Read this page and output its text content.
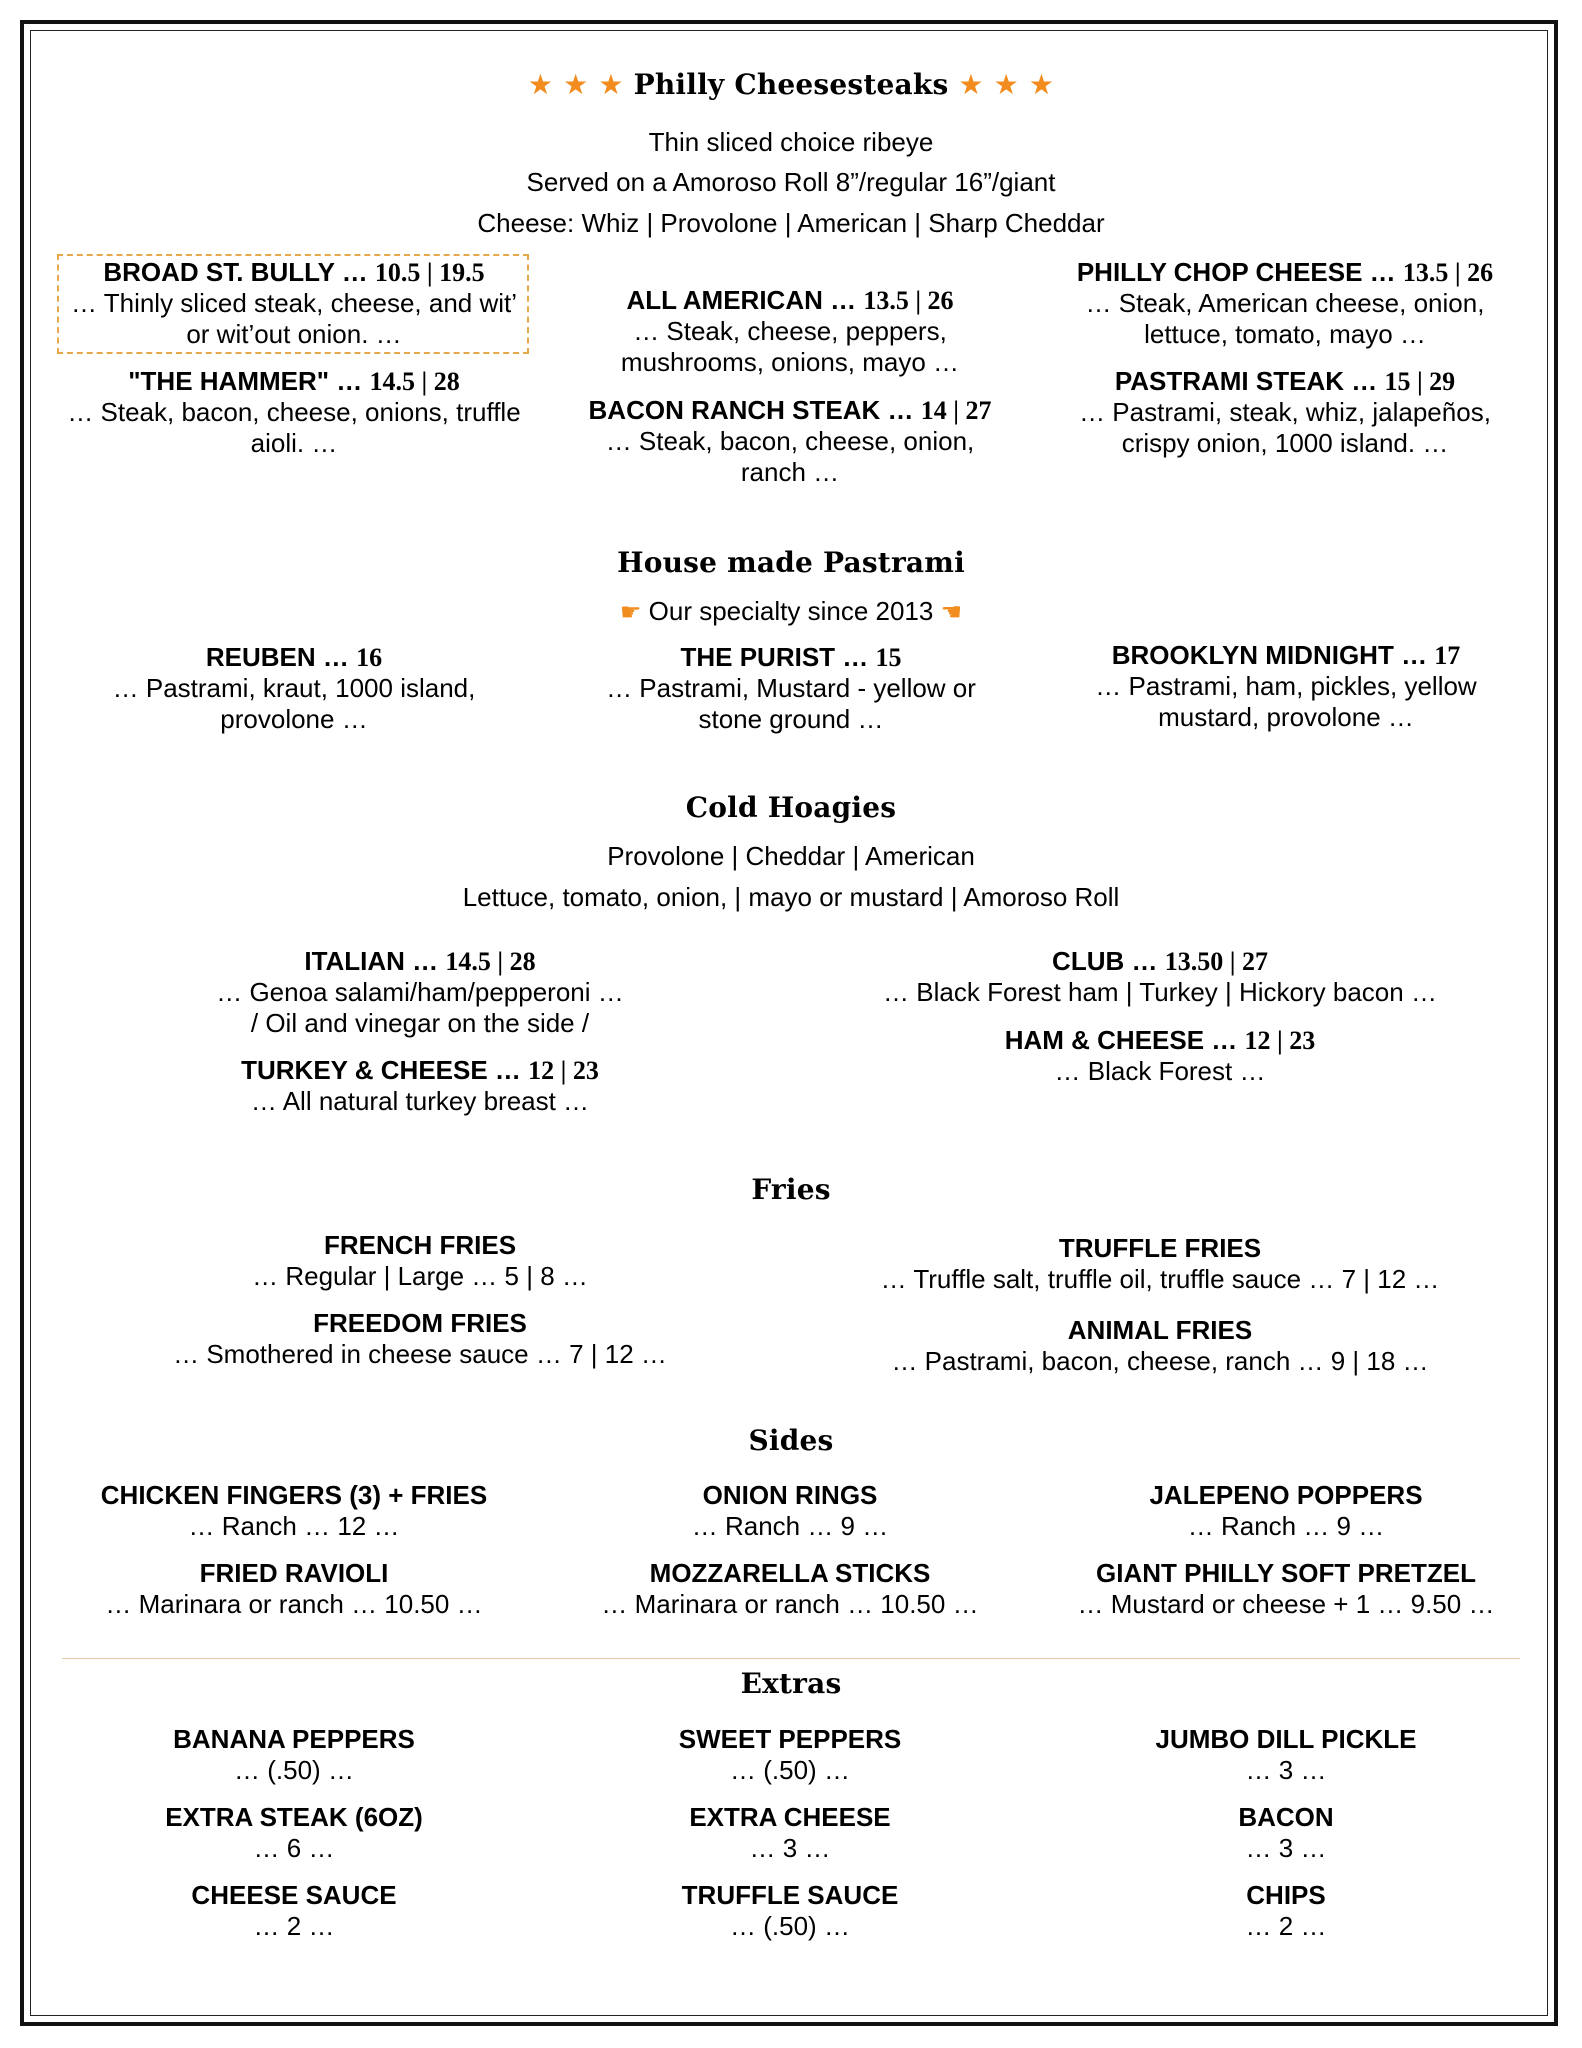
★ ★ ★ Philly Cheesesteaks ★ ★ ★
Thin sliced choice ribeye
Served on a Amoroso Roll 8”/regular 16”/giant
Cheese: Whiz | Provolone | American | Sharp Cheddar
BROAD ST. BULLY … 10.5 | 19.5
… Thinly sliced steak, cheese, and wit’ or wit’out onion. …
"THE HAMMER" … 14.5 | 28
… Steak, bacon, cheese, onions, truffle aioli. …
ALL AMERICAN … 13.5 | 26
… Steak, cheese, peppers, mushrooms, onions, mayo …
BACON RANCH STEAK … 14 | 27
… Steak, bacon, cheese, onion, ranch …
PHILLY CHOP CHEESE … 13.5 | 26
… Steak, American cheese, onion, lettuce, tomato, mayo …
PASTRAMI STEAK … 15 | 29
… Pastrami, steak, whiz, jalapeños, crispy onion, 1000 island. …
House made Pastrami
☛ Our specialty since 2013 ☚
REUBEN … 16
… Pastrami, kraut, 1000 island, provolone …
THE PURIST … 15
… Pastrami, Mustard - yellow or stone ground …
BROOKLYN MIDNIGHT … 17
… Pastrami, ham, pickles, yellow mustard, provolone …
Cold Hoagies
Provolone | Cheddar | American
Lettuce, tomato, onion, | mayo or mustard | Amoroso Roll
ITALIAN … 14.5 | 28
… Genoa salami/ham/pepperoni …
/ Oil and vinegar on the side /
TURKEY & CHEESE … 12 | 23
… All natural turkey breast …
CLUB … 13.50 | 27
… Black Forest ham | Turkey | Hickory bacon …
HAM & CHEESE … 12 | 23
… Black Forest …
Fries
FRENCH FRIES
… Regular | Large … 5 | 8 …
FREEDOM FRIES
… Smothered in cheese sauce … 7 | 12 …
TRUFFLE FRIES
… Truffle salt, truffle oil, truffle sauce … 7 | 12 …
ANIMAL FRIES
… Pastrami, bacon, cheese, ranch … 9 | 18 …
Sides
CHICKEN FINGERS (3) + FRIES
… Ranch … 12 …
FRIED RAVIOLI
… Marinara or ranch … 10.50 …
ONION RINGS
… Ranch … 9 …
MOZZARELLA STICKS
… Marinara or ranch … 10.50 …
JALEPENO POPPERS
… Ranch … 9 …
GIANT PHILLY SOFT PRETZEL
… Mustard or cheese + 1 … 9.50 …
Extras
BANANA PEPPERS
… (.50) …
EXTRA STEAK (6OZ)
… 6 …
CHEESE SAUCE
… 2 …
SWEET PEPPERS
… (.50) …
EXTRA CHEESE
… 3 …
TRUFFLE SAUCE
… (.50) …
JUMBO DILL PICKLE
… 3 …
BACON
… 3 …
CHIPS
… 2 …
